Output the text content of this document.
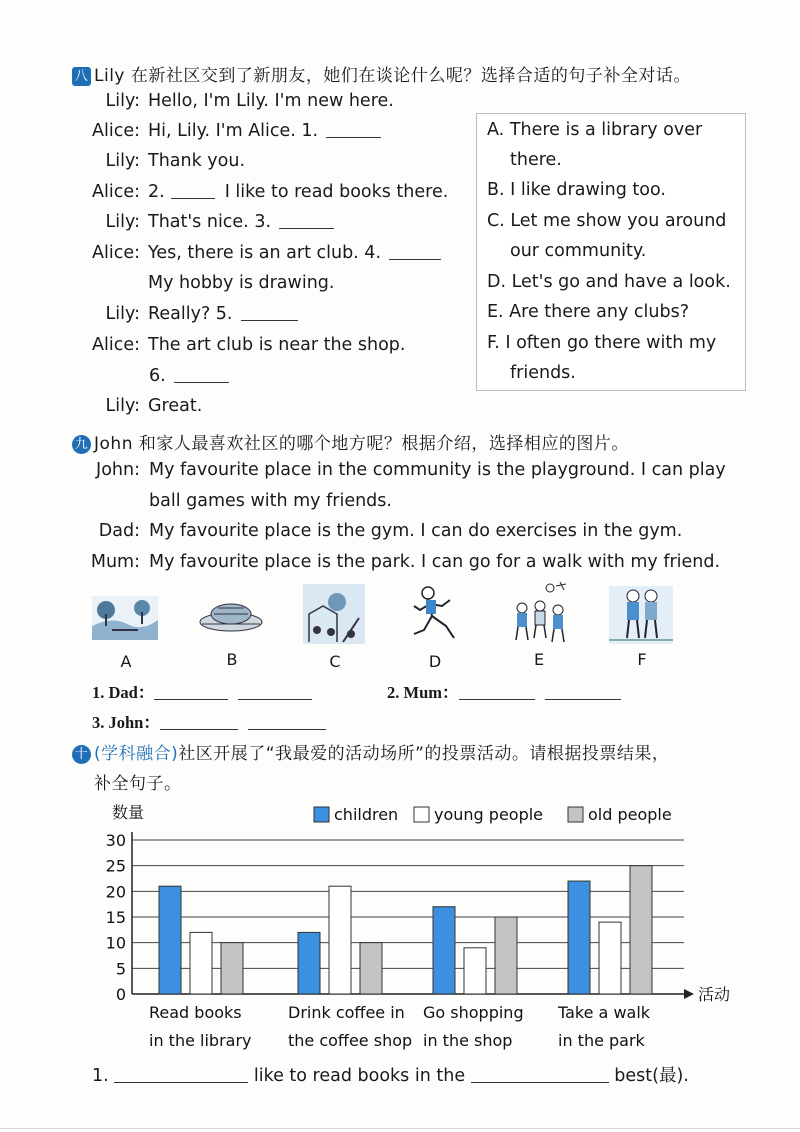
八 Lily 在新社区交到了新朋友，她们在谈论什么呢？选择合适的句子补全对话。
Lily: Hello, I'm Lily. I'm new here.
Alice: Hi, Lily. I'm Alice. 1.
Lily: Thank you.
Alice: 2.	I like to read books there.
Lily: That's nice. 3.
Alice: Yes, there is an art club. 4.
My hobby is drawing.
Lily: Really? 5.
Alice: The art club is near the shop.
6.
Lily: Great.
A. There is a library over
there.
B. I like drawing too.
C. Let me show you around
our community.
D. Let's go and have a look.
E. Are there any clubs?
F. I often go there with my
friends.
九 John 和家人最喜欢社区的哪个地方呢？根据介绍，选择相应的图片。
John: My favourite place in the community is the playground. I can play
ball games with my friends.
Dad: My favourite place is the gym. I can do exercises in the gym.
Mum: My favourite place is the park. I can go for a walk with my friend.
A	B	C	D	E	F
1. Dad：	2. Mum：
3. John：
十 (学科融合)社区开展了“我最爱的活动场所”的投票活动。请根据投票结果，
补全句子。
数量
30
25
20
15
10
5
0	活动
children young people	old people
Read books
in the library
Drink coffee in
the coffee shop
Go shopping
in the shop
Take a walk
in the park
1.	like to read books in the	best(最).
